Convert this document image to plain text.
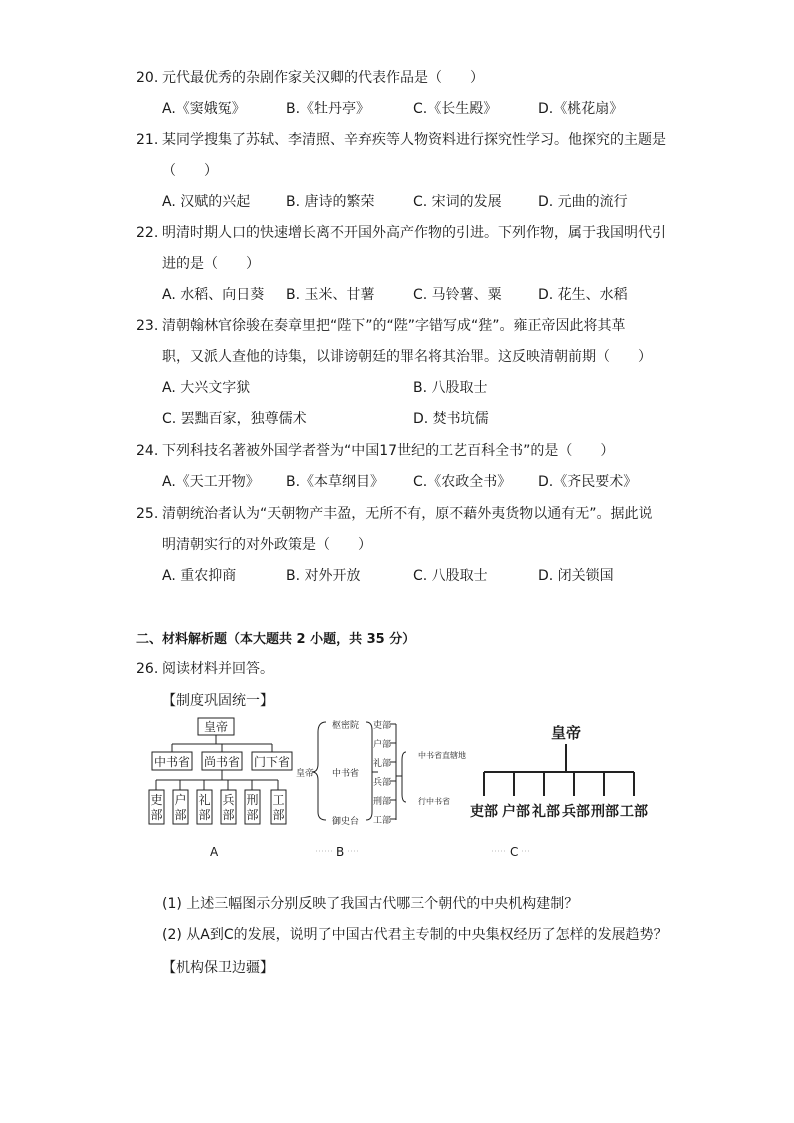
20. 元代最优秀的杂剧作家关汉卿的代表作品是（　　）
A.《窦娥冤》	B.《牡丹亭》	C.《长生殿》	D.《桃花扇》
21. 某同学搜集了苏轼、李清照、辛弃疾等人物资料进行探究性学习。他探究的主题是
（　　）
A. 汉赋的兴起	B. 唐诗的繁荣	C. 宋词的发展	D. 元曲的流行
22. 明清时期人口的快速增长离不开国外高产作物的引进。下列作物，属于我国明代引
进的是（　　）
A. 水稻、向日葵 B. 玉米、甘薯	C. 马铃薯、粟	D. 花生、水稻
23. 清朝翰林官徐骏在奏章里把“陛下”的“陛”字错写成“狴”。雍正帝因此将其革
职，又派人查他的诗集，以诽谤朝廷的罪名将其治罪。这反映清朝前期（　　）
A. 大兴文字狱	B. 八股取士
C. 罢黜百家，独尊儒术	D. 焚书坑儒
24. 下列科技名著被外国学者誉为“中国17世纪的工艺百科全书”的是（　　）
A.《天工开物》 B.《本草纲目》 C.《农政全书》 D.《齐民要术》
25. 清朝统治者认为“天朝物产丰盈，无所不有，原不藉外夷货物以通有无”。据此说
明清朝实行的对外政策是（　　）
A. 重农抑商	B. 对外开放	C. 八股取士	D. 闭关锁国
二、材料解析题（本大题共 2 小题，共 35 分）
26. 阅读材料并回答。
【制度巩固统一】
皇帝
中书省 尚书省 门下省
吏部
户部
礼部
兵部
刑部
工部
皇帝
枢密院
中书省
御史台
吏部
户部
礼部
兵部
刑部
工部
中书省直辖地
行中书省
皇帝
吏部 户部 礼部 兵部 刑部 工部
A	B	C
(1) 上述三幅图示分别反映了我国古代哪三个朝代的中央机构建制？
(2) 从A到C的发展，说明了中国古代君主专制的中央集权经历了怎样的发展趋势？
【机构保卫边疆】
